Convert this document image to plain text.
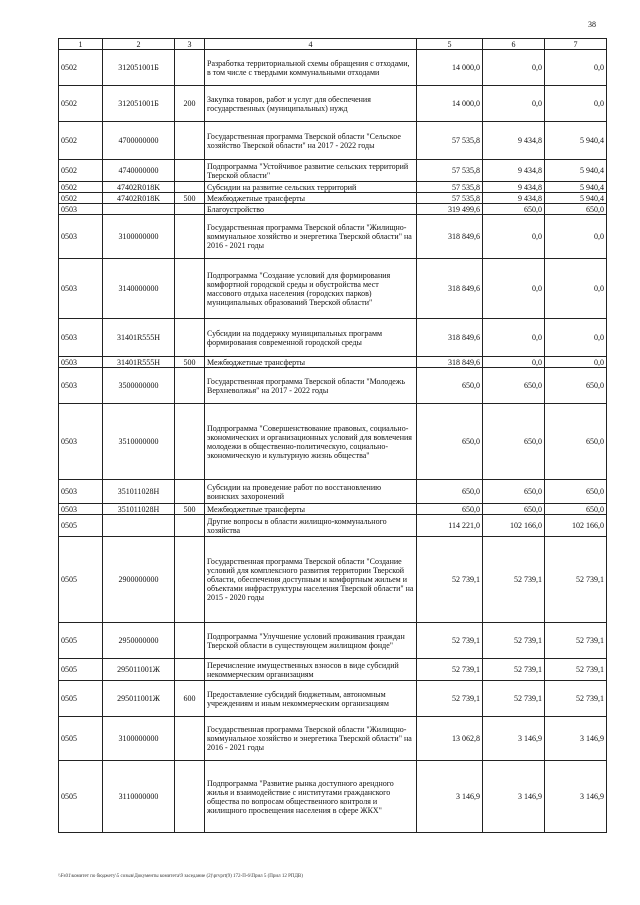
38
1	2	3	4	5	6	7
0502	312051001Б		Разработка территориальной схемы обращения с отходами, в том числе с твердыми коммунальными отходами	14 000,0	0,0	0,0
0502	312051001Б	200	Закупка товаров, работ и услуг для обеспечения государственных (муниципальных) нужд	14 000,0	0,0	0,0
0502	4700000000		Государственная программа Тверской области "Сельское хозяйство Тверской области" на 2017 - 2022 годы	57 535,8	9 434,8	5 940,4
0502	4740000000		Подпрограмма "Устойчивое развитие сельских территорий Тверской области"	57 535,8	9 434,8	5 940,4
0502	47402R018K		Субсидии на развитие сельских территорий	57 535,8	9 434,8	5 940,4
0502	47402R018K	500	Межбюджетные трансферты	57 535,8	9 434,8	5 940,4
0503			Благоустройство	319 499,6	650,0	650,0
0503	3100000000		Государственная программа Тверской области "Жилищно-коммунальное хозяйство и энергетика Тверской области" на 2016 - 2021 годы	318 849,6	0,0	0,0
0503	3140000000		Подпрограмма "Создание условий для формирования комфортной городской среды и обустройства мест массового отдыха населения (городских парков) муниципальных образований Тверской области"	318 849,6	0,0	0,0
0503	31401R555H		Субсидии на поддержку муниципальных программ формирования современной городской среды	318 849,6	0,0	0,0
0503	31401R555H	500	Межбюджетные трансферты	318 849,6	0,0	0,0
0503	3500000000		Государственная программа Тверской области "Молодежь Верхневолжья" на 2017 - 2022 годы	650,0	650,0	650,0
0503	3510000000		Подпрограмма "Совершенствование правовых, социально-экономических и организационных условий для вовлечения молодежи в общественно-политическую, социально-экономическую и культурную жизнь общества"	650,0	650,0	650,0
0503	351011028H		Субсидии на проведение работ по восстановлению воинских захоронений	650,0	650,0	650,0
0503	351011028H	500	Межбюджетные трансферты	650,0	650,0	650,0
0505			Другие вопросы в области жилищно-коммунального хозяйства	114 221,0	102 166,0	102 166,0
0505	2900000000		Государственная программа Тверской области "Создание условий для комплексного развития территории Тверской области, обеспечения доступным и комфортным жильем и объектами инфраструктуры населения Тверской области" на 2015 - 2020 годы	52 739,1	52 739,1	52 739,1
0505	2950000000		Подпрограмма "Улучшение условий проживания граждан Тверской области в существующем жилищном фонде"	52 739,1	52 739,1	52 739,1
0505	295011001Ж		Перечисление имущественных взносов в виде субсидий некоммерческим организациям	52 739,1	52 739,1	52 739,1
0505	295011001Ж	600	Предоставление субсидий бюджетным, автономным учреждениям и иным некоммерческим организациям	52 739,1	52 739,1	52 739,1
0505	3100000000		Государственная программа Тверской области "Жилищно-коммунальное хозяйство и энергетика Тверской области" на 2016 - 2021 годы	13 062,8	3 146,9	3 146,9
0505	3110000000		Подпрограмма "Развитие рынка доступного арендного жилья и взаимодействие с институтами гражданского общества по вопросам общественного контроля и жилищного просвещения населения в сфере ЖКХ"	3 146,9	3 146,9	3 146,9
\\Fs01\комитет по бюджету\5 созыв\Документы комитета\9 заседание (2)\prvprt(9) 172-П-6\Прил 5 (Прил 12 РПДВ)
